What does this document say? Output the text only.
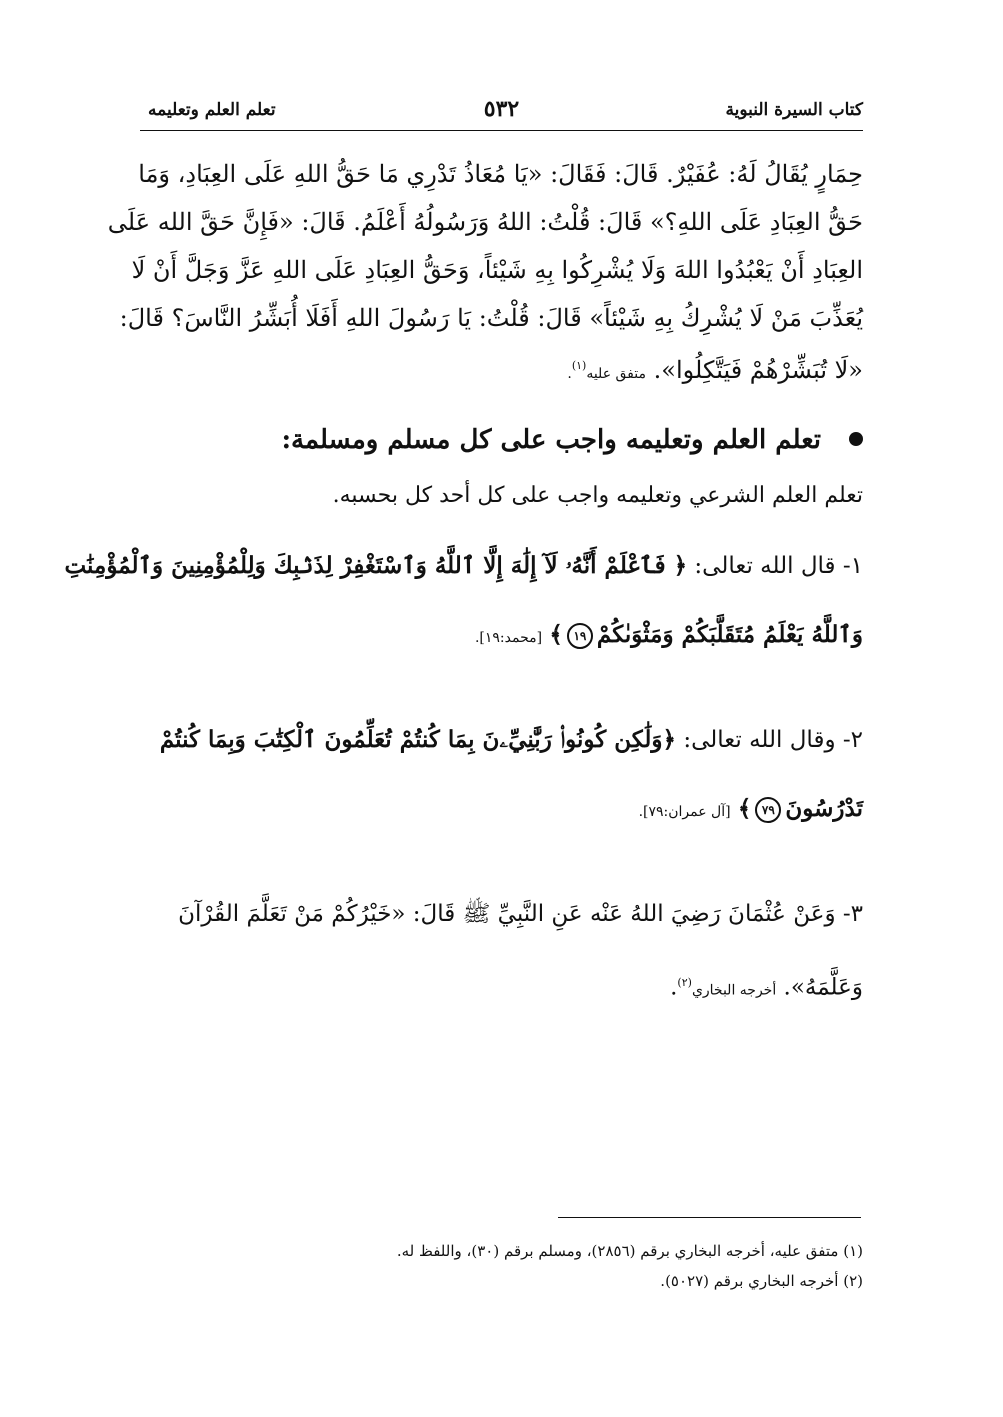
كتاب السيرة النبوية
٥٣٢
تعلم العلم وتعليمه

حِمَارٍ يُقَالُ لَهُ: عُفَيْرٌ. قَالَ: فَقَالَ: «يَا مُعَاذُ تَدْرِي مَا حَقُّ اللهِ عَلَى العِبَادِ، وَمَا

حَقُّ العِبَادِ عَلَى اللهِ؟» قَالَ: قُلْتُ: اللهُ وَرَسُولُهُ أَعْلَمُ. قَالَ: «فَإِنَّ حَقَّ الله عَلَى

العِبَادِ أَنْ يَعْبُدُوا اللهَ وَلَا يُشْرِكُوا بِهِ شَيْئاً، وَحَقُّ العِبَادِ عَلَى اللهِ عَزَّ وَجَلَّ أَنْ لَا

يُعَذِّبَ مَنْ لَا يُشْرِكُ بِهِ شَيْئاً» قَالَ: قُلْتُ: يَا رَسُولَ اللهِ أَفَلَا أُبَشِّرُ النَّاسَ؟ قَالَ:

«لَا تُبَشِّرْهُمْ فَيَتَّكِلُوا». متفق عليه$^{(١)}$.

تعلم العلم وتعليمه واجب على كل مسلم ومسلمة:

تعلم العلم الشرعي وتعليمه واجب على كل أحد كل بحسبه.

١- قال الله تعالى: ﴿ فَٱعْلَمْ أَنَّهُۥ لَآ إِلَٰهَ إِلَّا ٱللَّهُ وَٱسْتَغْفِرْ لِذَنۢبِكَ وَلِلْمُؤْمِنِينَ وَٱلْمُؤْمِنَٰتِ

وَٱللَّهُ يَعْلَمُ مُتَقَلَّبَكُمْ وَمَثْوَىٰكُمْ١٩﴾ [محمد:١٩].

٢- وقال الله تعالى: ﴿وَلَٰكِن كُونُوا۟ رَبَّٰنِيِّۦنَ بِمَا كُنتُمْ تُعَلِّمُونَ ٱلْكِتَٰبَ وَبِمَا كُنتُمْ

تَدْرُسُونَ٧٩﴾ [آل عمران:٧٩].

٣- وَعَنْ عُثْمَانَ رَضِيَ اللهُ عَنْه عَنِ النَّبِيِّ ﷺ قَالَ: «خَيْرُكُمْ مَنْ تَعَلَّمَ القُرْآنَ

وَعَلَّمَهُ». أخرجه البخاري$^{(٢)}$.

(١) متفق عليه، أخرجه البخاري برقم (٢٨٥٦)، ومسلم برقم (٣٠)، واللفظ له.

(٢) أخرجه البخاري برقم (٥٠٢٧).
